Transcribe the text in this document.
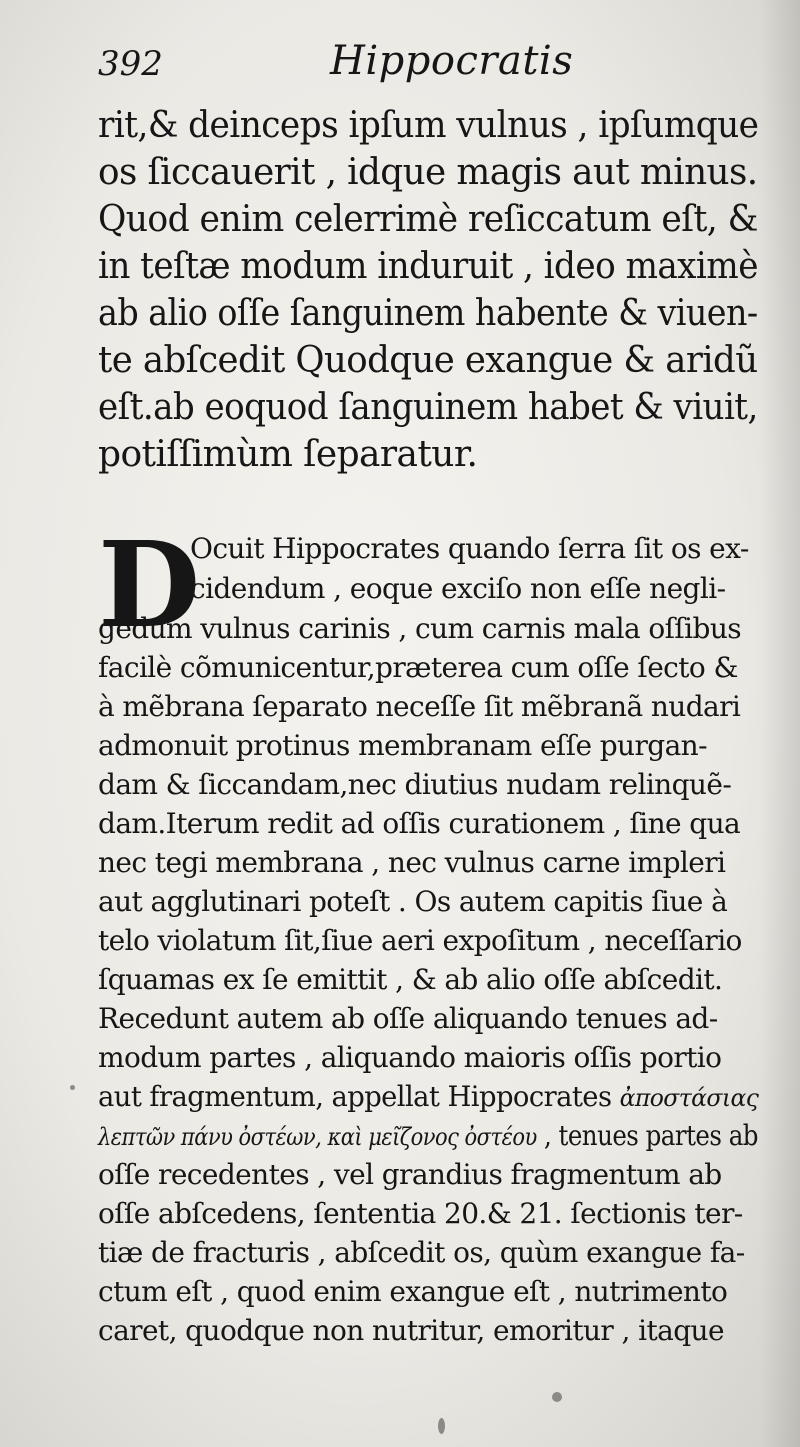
392	Hippocratis
rit,& deinceps ipſum vulnus , ipſumque
os ſiccauerit , idque magis aut minus.
Quod enim celerrimè reſiccatum eſt, &
in teſtæ modum induruit , ideo maximè
ab alio oſſe ſanguinem habente & viuen-
te abſcedit Quodque exangue & aridũ
eſt.ab eoquod ſanguinem habet & viuit,
potiſſimùm ſeparatur.
D
Ocuit Hippocrates quando ſerra ſit os ex-
cidendum , eoque exciſo non eſſe negli-
gẽdum vulnus carinis , cum carnis mala oſſibus
facilè cõmunicentur,præterea cum oſſe ſecto &
à mẽbrana ſeparato neceſſe ſit mẽbranã nudari
admonuit protinus membranam eſſe purgan-
dam & ſiccandam,nec diutius nudam relinquẽ-
dam.Iterum redit ad oſſis curationem , ſine qua
nec tegi membrana , nec vulnus carne impleri
aut agglutinari poteſt . Os autem capitis ſiue à
telo violatum ſit,ſiue aeri expoſitum , neceſſario
ſquamas ex ſe emittit , & ab alio oſſe abſcedit.
Recedunt autem ab oſſe aliquando tenues ad-
modum partes , aliquando maioris oſſis portio
aut fragmentum, appellat Hippocrates ἀποστάσιας
λεπτῶν πάνυ ὀστέων, καὶ μεῖζονος ὀστέου , tenues partes ab
oſſe recedentes , vel grandius fragmentum ab
oſſe abſcedens, ſententia 20.& 21. ſectionis ter-
tiæ de fracturis , abſcedit os, quùm exangue fa-
ctum eſt , quod enim exangue eſt , nutrimento
caret, quodque non nutritur, emoritur , itaque
